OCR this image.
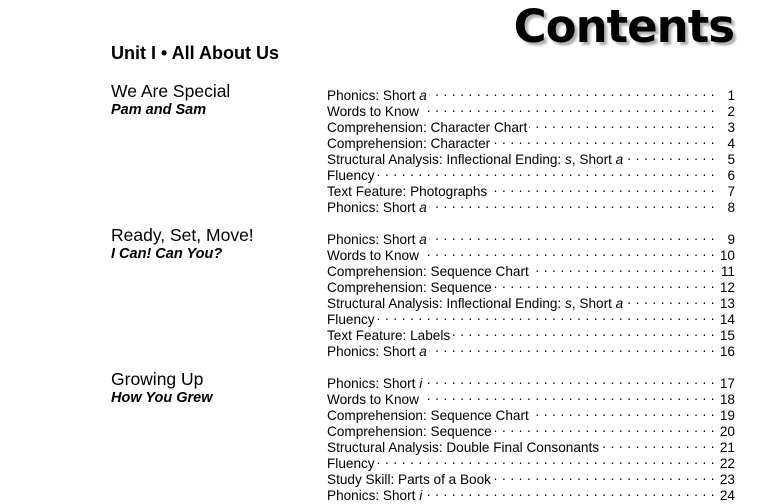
Contents
Unit I • All About Us
We Are Special
Pam and Sam
Phonics: Short a . . .	1
Words to Know . . .	2
Comprehension: Character Chart . . .	3
Comprehension: Character . . .	4
Structural Analysis: Inflectional Ending: s, Short a . . .	5
Fluency . . .	6
Text Feature: Photographs . . .	7
Phonics: Short a . . .	8
Ready, Set, Move!
I Can! Can You?
Phonics: Short a . . .	9
Words to Know . . .	10
Comprehension: Sequence Chart . . .	11
Comprehension: Sequence . . .	12
Structural Analysis: Inflectional Ending: s, Short a . . .	13
Fluency . . .	14
Text Feature: Labels . . .	15
Phonics: Short a . . .	16
Growing Up
How You Grew
Phonics: Short i . . .	17
Words to Know . . .	18
Comprehension: Sequence Chart . . .	19
Comprehension: Sequence . . .	20
Structural Analysis: Double Final Consonants . . .	21
Fluency . . .	22
Study Skill: Parts of a Book . . .	23
Phonics: Short i . . .	24
